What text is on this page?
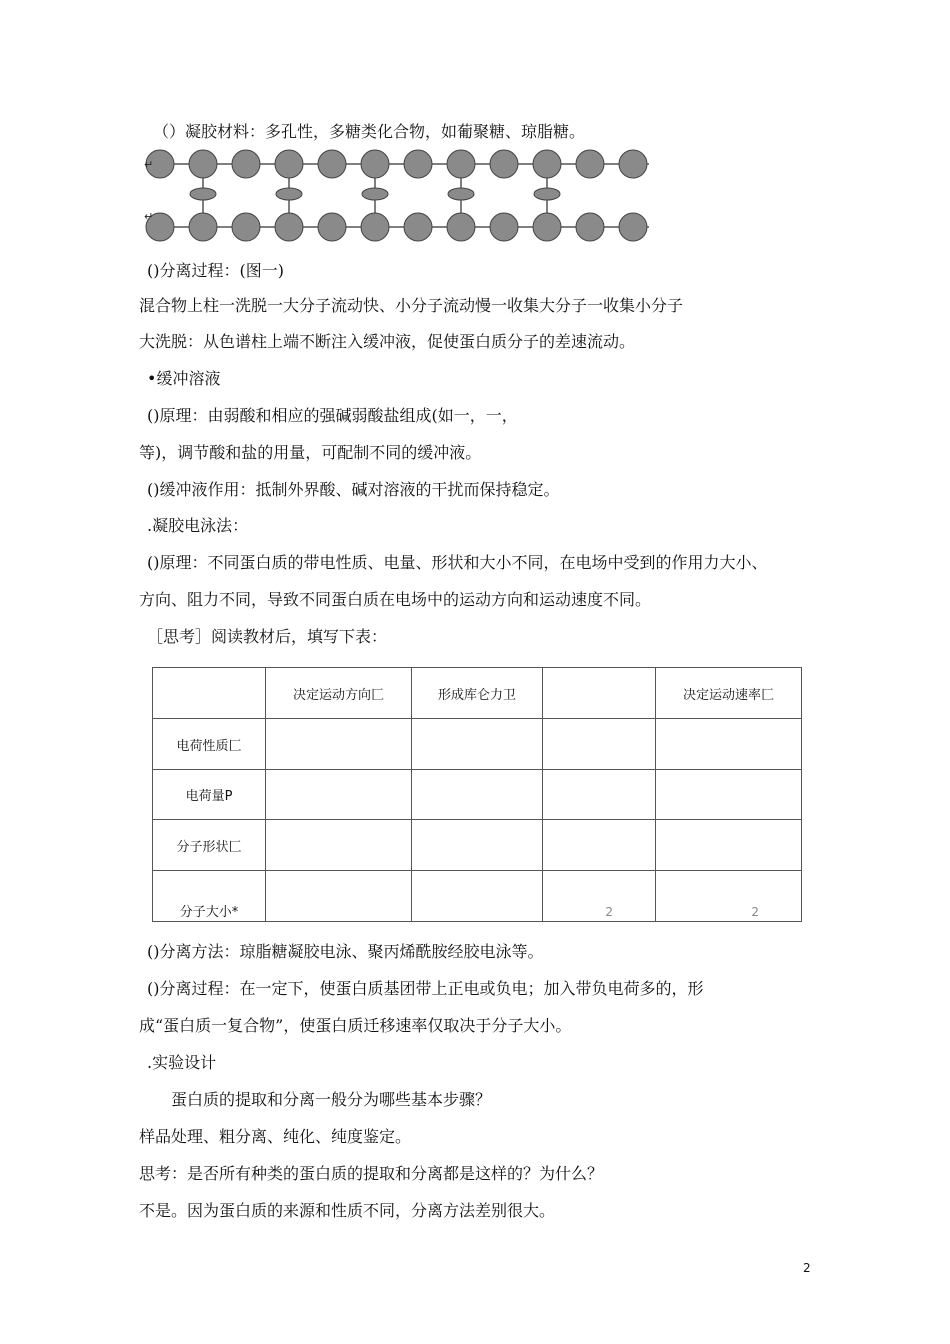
↵
↵
（）凝胶材料：多孔性，多糖类化合物，如葡聚糖、琼脂糖。
()分离过程：(图一)
混合物上柱一洗脱一大分子流动快、小分子流动慢一收集大分子一收集小分子
大洗脱：从色谱柱上端不断注入缓冲液，促使蛋白质分子的差速流动。
•缓冲溶液
()原理：由弱酸和相应的强碱弱酸盐组成(如一，一，
等)，调节酸和盐的用量，可配制不同的缓冲液。
()缓冲液作用：抵制外界酸、碱对溶液的干扰而保持稳定。
.凝胶电泳法：
()原理：不同蛋白质的带电性质、电量、形状和大小不同，在电场中受到的作用力大小、
方向、阻力不同，导致不同蛋白质在电场中的运动方向和运动速度不同。
［思考］阅读教材后，填写下表：
	决定运动方向匚	形成库仑力卫		决定运动速率匚
电荷性质匚				
电荷量P				
分子形状匚				
分子大小*			2	2
()分离方法：琼脂糖凝胶电泳、聚丙烯酰胺经胶电泳等。
()分离过程：在一定下，使蛋白质基团带上正电或负电；加入带负电荷多的，形
成“蛋白质一复合物”，使蛋白质迁移速率仅取决于分子大小。
.实验设计
蛋白质的提取和分离一般分为哪些基本步骤？
样品处理、粗分离、纯化、纯度鉴定。
思考：是否所有种类的蛋白质的提取和分离都是这样的？为什么？
不是。因为蛋白质的来源和性质不同，分离方法差别很大。
2
